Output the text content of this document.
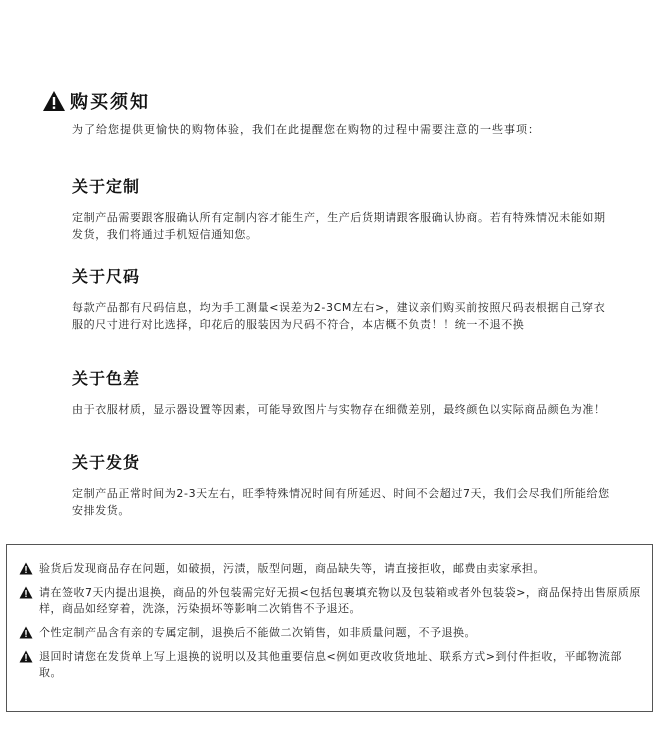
购买须知
为了给您提供更愉快的购物体验，我们在此提醒您在购物的过程中需要注意的一些事项：
关于定制

定制产品需要跟客服确认所有定制内容才能生产，生产后货期请跟客服确认协商。若有特殊情况未能如期发货，我们将通过手机短信通知您。

关于尺码

每款产品都有尺码信息，均为手工测量<误差为2-3CM左右>，建议亲们购买前按照尺码表根据自己穿衣服的尺寸进行对比选择，印花后的服装因为尺码不符合，本店概不负责！！统一不退不换

关于色差

由于衣服材质，显示器设置等因素，可能导致图片与实物存在细微差别，最终颜色以实际商品颜色为准！

关于发货

定制产品正常时间为2-3天左右，旺季特殊情况时间有所延迟、时间不会超过7天，我们会尽我们所能给您安排发货。

验货后发现商品存在问题，如破损，污渍，版型问题，商品缺失等，请直接拒收，邮费由卖家承担。
请在签收7天内提出退换，商品的外包装需完好无损<包括包裹填充物以及包装箱或者外包装袋>，商品保持出售原质原样，商品如经穿着，洗涤，污染损坏等影响二次销售不予退还。
个性定制产品含有亲的专属定制，退换后不能做二次销售，如非质量问题，不予退换。
退回时请您在发货单上写上退换的说明以及其他重要信息<例如更改收货地址、联系方式>到付件拒收，平邮物流部取。
